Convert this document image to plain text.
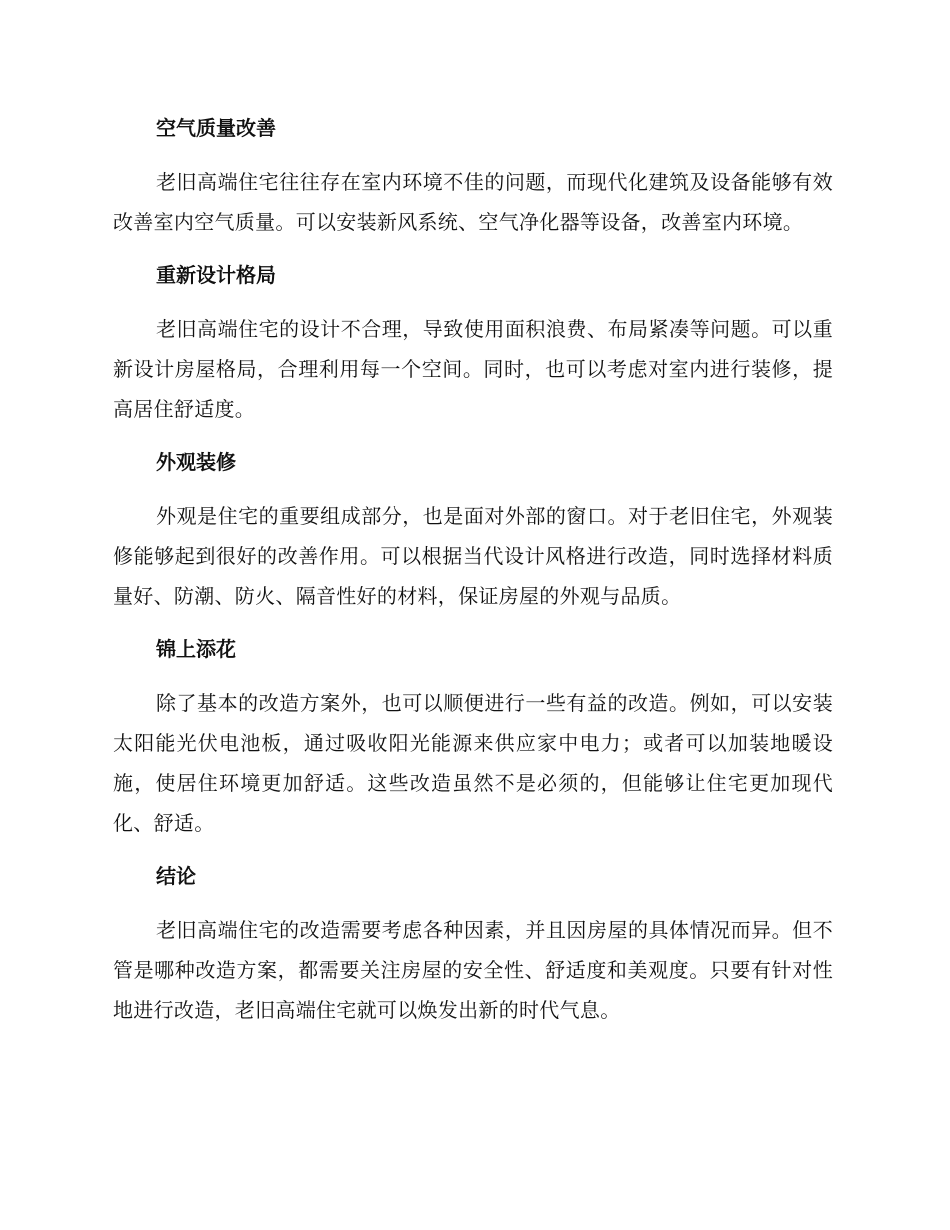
空气质量改善

老旧高端住宅往往存在室内环境不佳的问题，而现代化建筑及设备能够有效改善室内空气质量。可以安装新风系统、空气净化器等设备，改善室内环境。

重新设计格局

老旧高端住宅的设计不合理，导致使用面积浪费、布局紧凑等问题。可以重新设计房屋格局，合理利用每一个空间。同时，也可以考虑对室内进行装修，提高居住舒适度。

外观装修

外观是住宅的重要组成部分，也是面对外部的窗口。对于老旧住宅，外观装修能够起到很好的改善作用。可以根据当代设计风格进行改造，同时选择材料质量好、防潮、防火、隔音性好的材料，保证房屋的外观与品质。

锦上添花

除了基本的改造方案外，也可以顺便进行一些有益的改造。例如，可以安装太阳能光伏电池板，通过吸收阳光能源来供应家中电力；或者可以加装地暖设施，使居住环境更加舒适。这些改造虽然不是必须的，但能够让住宅更加现代化、舒适。

结论

老旧高端住宅的改造需要考虑各种因素，并且因房屋的具体情况而异。但不管是哪种改造方案，都需要关注房屋的安全性、舒适度和美观度。只要有针对性地进行改造，老旧高端住宅就可以焕发出新的时代气息。
